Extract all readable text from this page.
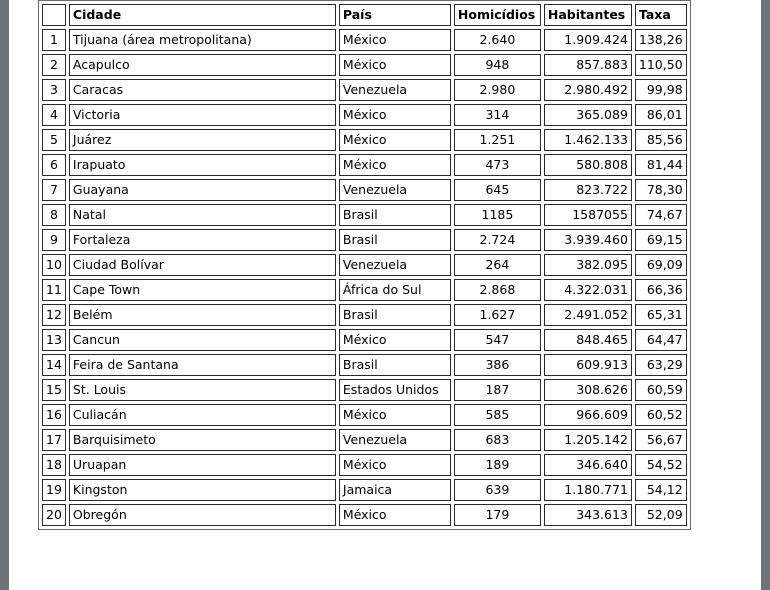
	Cidade	País	Homicídios	Habitantes	Taxa
1	Tijuana (área metropolitana)	México	2.640	1.909.424	138,26
2	Acapulco	México	948	857.883	110,50
3	Caracas	Venezuela	2.980	2.980.492	99,98
4	Victoria	México	314	365.089	86,01
5	Juárez	México	1.251	1.462.133	85,56
6	Irapuato	México	473	580.808	81,44
7	Guayana	Venezuela	645	823.722	78,30
8	Natal	Brasil	1185	1587055	74,67
9	Fortaleza	Brasil	2.724	3.939.460	69,15
10	Ciudad Bolívar	Venezuela	264	382.095	69,09
11	Cape Town	África do Sul	2.868	4.322.031	66,36
12	Belém	Brasil	1.627	2.491.052	65,31
13	Cancun	México	547	848.465	64,47
14	Feira de Santana	Brasil	386	609.913	63,29
15	St. Louis	Estados Unidos	187	308.626	60,59
16	Culiacán	México	585	966.609	60,52
17	Barquisimeto	Venezuela	683	1.205.142	56,67
18	Uruapan	México	189	346.640	54,52
19	Kingston	Jamaica	639	1.180.771	54,12
20	Obregón	México	179	343.613	52,09
